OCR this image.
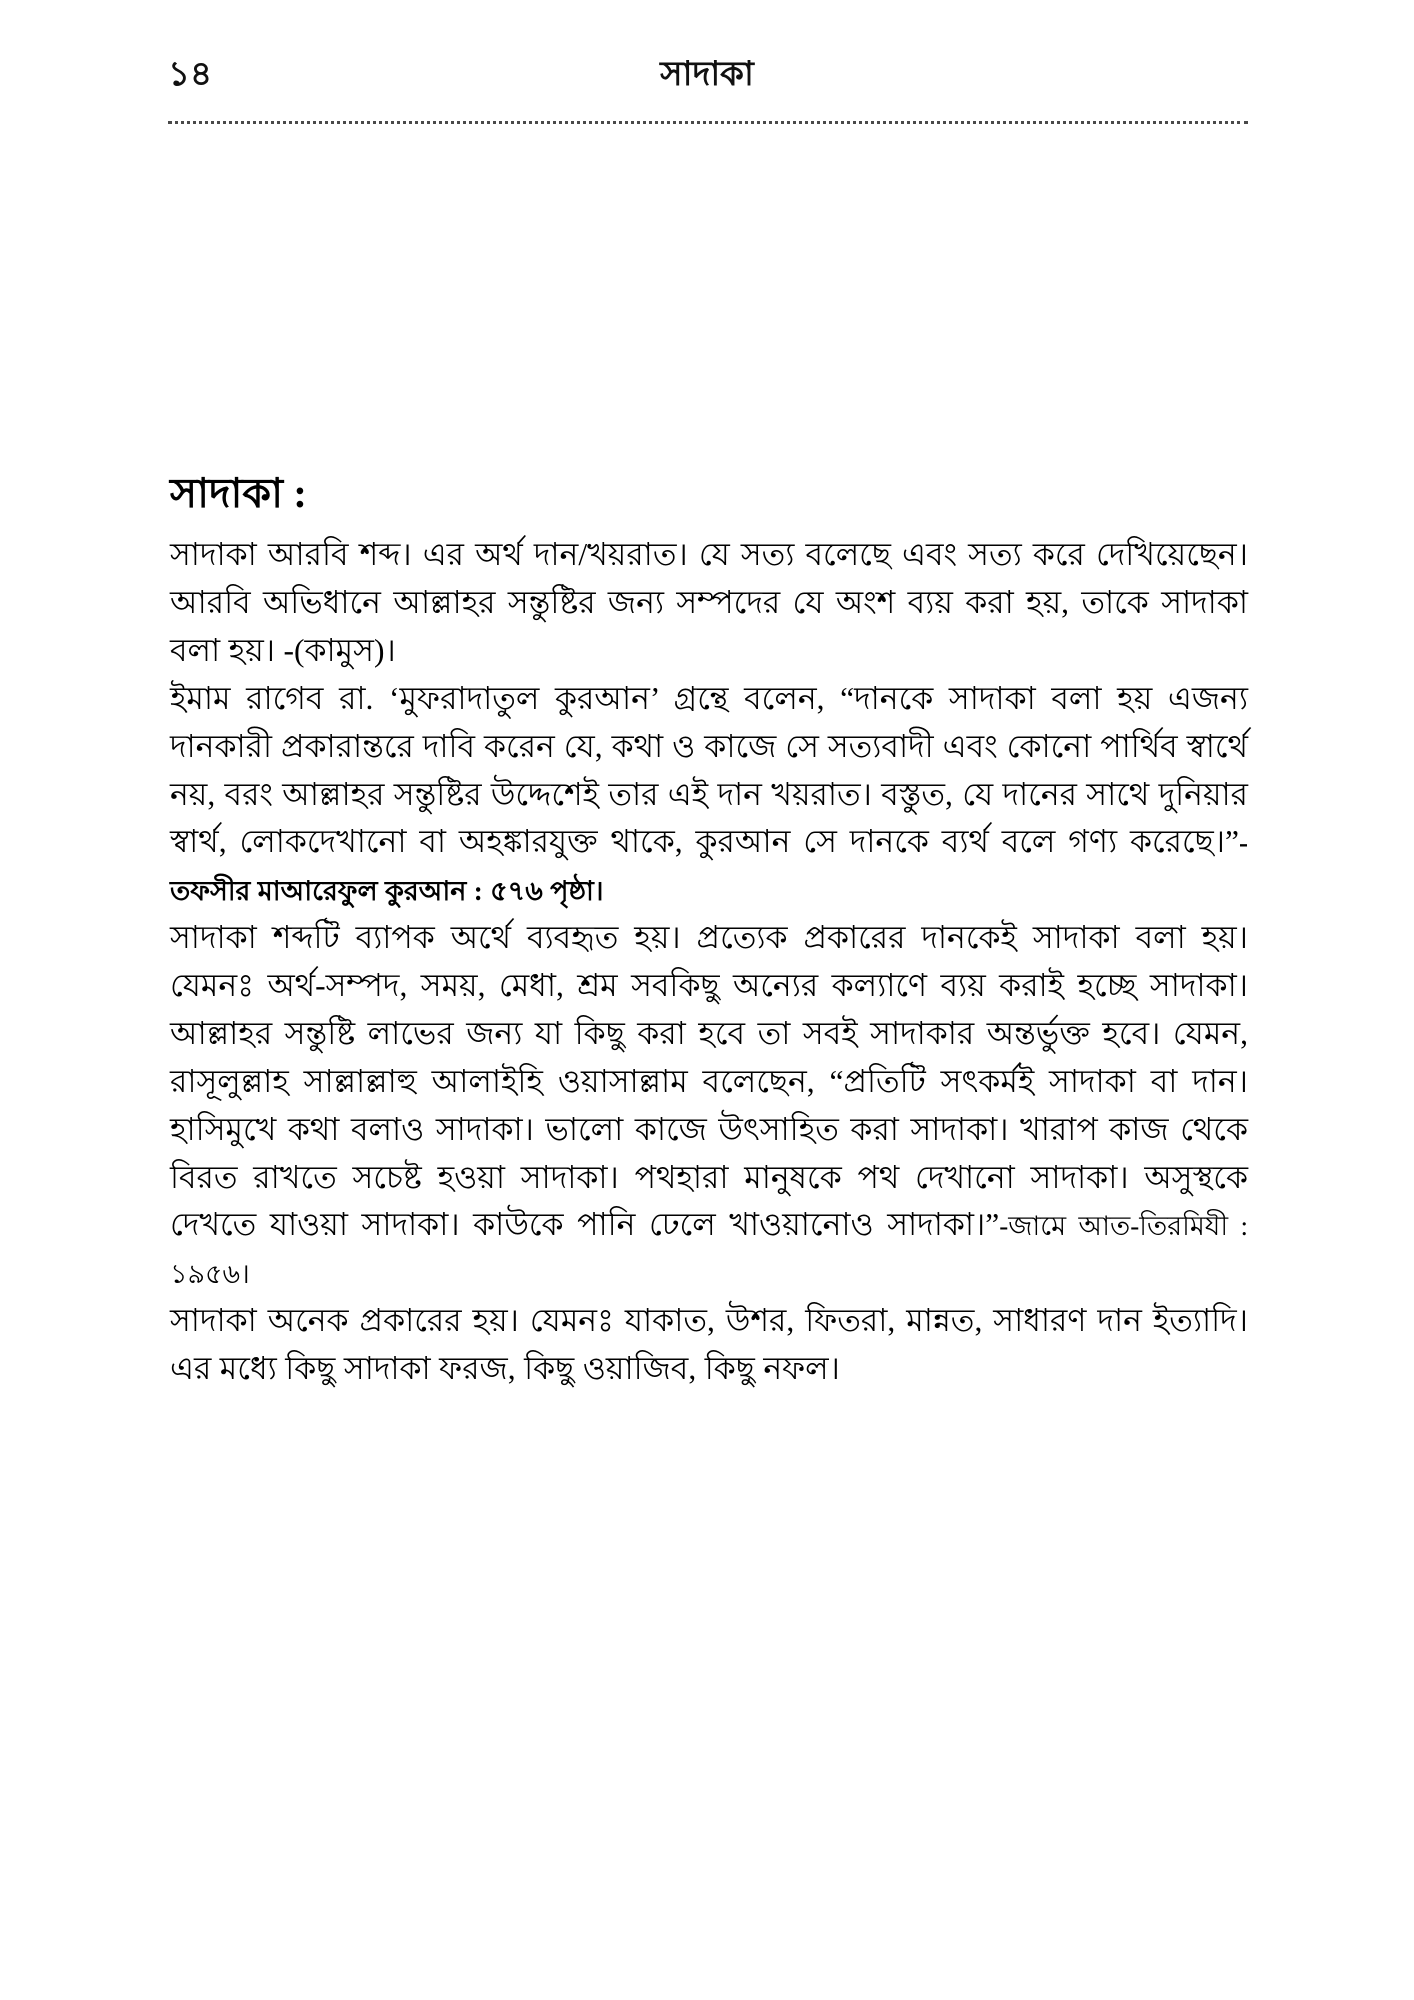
১৪	সাদাকা
সাদাকা :

সাদাকা আরবি শব্দ। এর অর্থ দান/খয়রাত। যে সত্য বলেছে এবং সত্য করে দেখিয়েছেন। আরবি অভিধানে আল্লাহর সন্তুষ্টির জন্য সম্পদের যে অংশ ব্যয় করা হয়, তাকে সাদাকা বলা হয়। -(কামুস)।

ইমাম রাগেব রা. ‘মুফরাদাতুল কুরআন’ গ্রন্থে বলেন, “দানকে সাদাকা বলা হয় এজন্য দানকারী প্রকারান্তরে দাবি করেন যে, কথা ও কাজে সে সত্যবাদী এবং কোনো পার্থিব স্বার্থে নয়, বরং আল্লাহর সন্তুষ্টির উদ্দেশেই তার এই দান খয়রাত। বস্তুত, যে দানের সাথে দুনিয়ার স্বার্থ, লোকদেখানো বা অহঙ্কারযুক্ত থাকে, কুরআন সে দানকে ব্যর্থ বলে গণ্য করেছে।”-তফসীর মাআরেফুল কুরআন : ৫৭৬ পৃষ্ঠা।

সাদাকা শব্দটি ব্যাপক অর্থে ব্যবহৃত হয়। প্রত্যেক প্রকারের দানকেই সাদাকা বলা হয়। যেমনঃ অর্থ-সম্পদ, সময়, মেধা, শ্রম সবকিছু অন্যের কল্যাণে ব্যয় করাই হচ্ছে সাদাকা। আল্লাহর সন্তুষ্টি লাভের জন্য যা কিছু করা হবে তা সবই সাদাকার অন্তর্ভুক্ত হবে। যেমন, রাসূলুল্লাহ সাল্লাল্লাহু আলাইহি ওয়াসাল্লাম বলেছেন, “প্রতিটি সৎকর্মই সাদাকা বা দান। হাসিমুখে কথা বলাও সাদাকা। ভালো কাজে উৎসাহিত করা সাদাকা। খারাপ কাজ থেকে বিরত রাখতে সচেষ্ট হওয়া সাদাকা। পথহারা মানুষকে পথ দেখানো সাদাকা। অসুস্থকে দেখতে যাওয়া সাদাকা। কাউকে পানি ঢেলে খাওয়ানোও সাদাকা।”-জামে আত-তিরমিযী : ১৯৫৬।

সাদাকা অনেক প্রকারের হয়। যেমনঃ যাকাত, উশর, ফিতরা, মান্নত, সাধারণ দান ইত্যাদি। এর মধ্যে কিছু সাদাকা ফরজ, কিছু ওয়াজিব, কিছু নফল।
